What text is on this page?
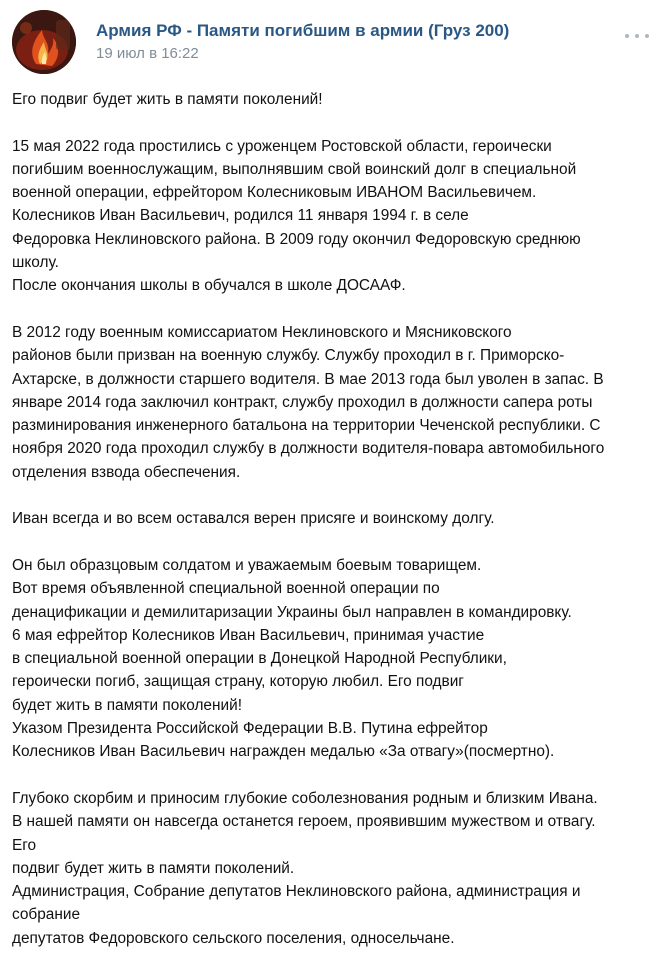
Армия РФ - Памяти погибшим в армии (Груз 200)
19 июл в 16:22
Его подвиг будет жить в памяти поколений!
15 мая 2022 года простились с уроженцем Ростовской области, героически
погибшим военнослужащим, выполнявшим свой воинский долг в специальной
военной операции, ефрейтором Колесниковым ИВАНОМ Васильевичем.
Колесников Иван Васильевич, родился 11 января 1994 г. в селе
Федоровка Неклиновского района. В 2009 году окончил Федоровскую среднюю
школу.
После окончания школы в обучался в школе ДОСААФ.
В 2012 году военным комиссариатом Неклиновского и Мясниковского
районов были призван на военную службу. Службу проходил в г. Приморско-
Ахтарске, в должности старшего водителя. В мае 2013 года был уволен в запас. В
январе 2014 года заключил контракт, службу проходил в должности сапера роты
разминирования инженерного батальона на территории Чеченской республики. С
ноября 2020 года проходил службу в должности водителя-повара автомобильного
отделения взвода обеспечения.
Иван всегда и во всем оставался верен присяге и воинскому долгу.
Он был образцовым солдатом и уважаемым боевым товарищем.
Вот время объявленной специальной военной операции по
денацификации и демилитаризации Украины был направлен в командировку.
6 мая ефрейтор Колесников Иван Васильевич, принимая участие
в специальной военной операции в Донецкой Народной Республики,
героически погиб, защищая страну, которую любил. Его подвиг
будет жить в памяти поколений!
Указом Президента Российской Федерации В.В. Путина ефрейтор
Колесников Иван Васильевич награжден медалью «За отвагу»(посмертно).
Глубоко скорбим и приносим глубокие соболезнования родным и близким Ивана.
В нашей памяти он навсегда останется героем, проявившим мужеством и отвагу.
Его
подвиг будет жить в памяти поколений.
Администрация, Собрание депутатов Неклиновского района, администрация и
собрание
депутатов Федоровского сельского поселения, односельчане.
